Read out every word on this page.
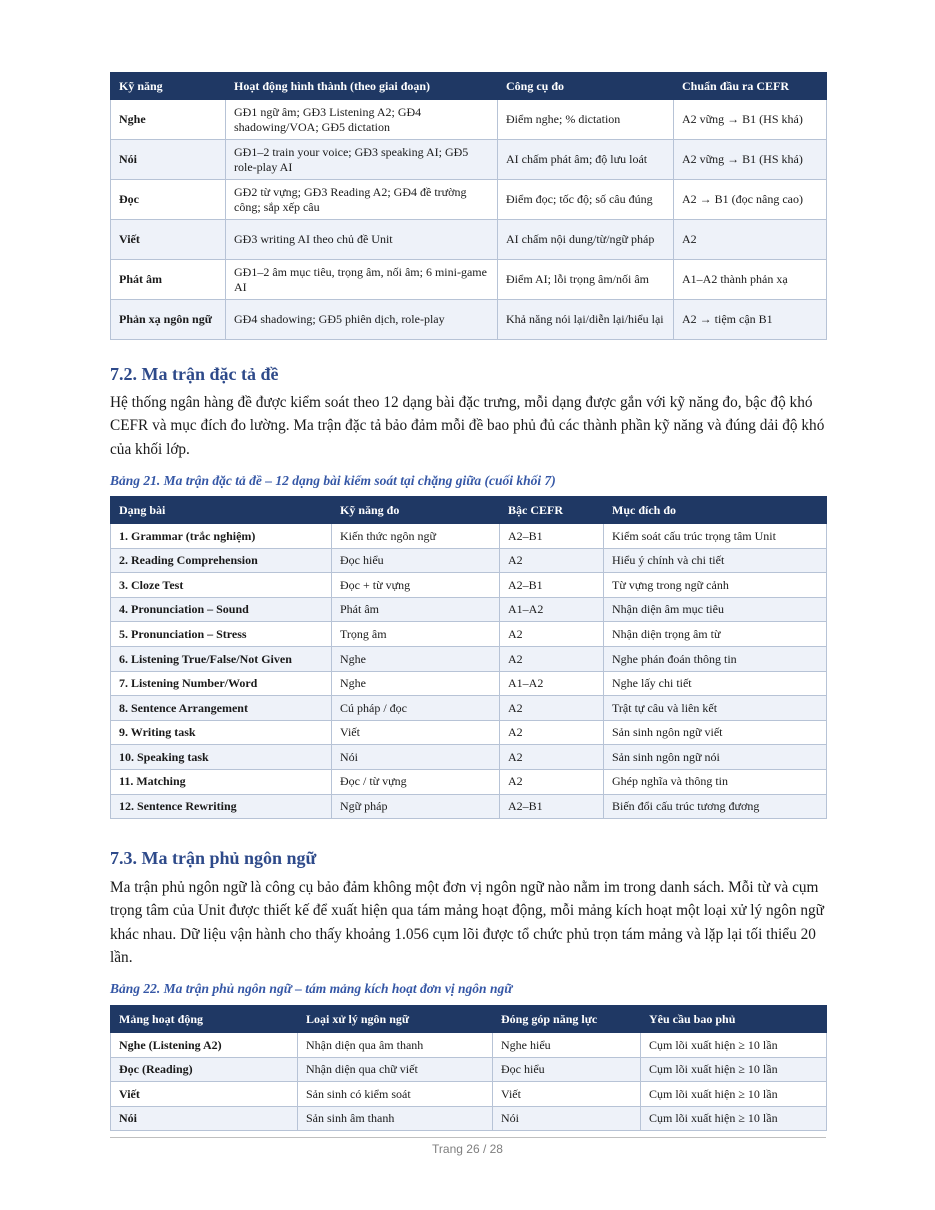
Kỹ năng	Hoạt động hình thành (theo giai đoạn)	Công cụ đo	Chuẩn đầu ra CEFR
Nghe	GĐ1 ngữ âm; GĐ3 Listening A2; GĐ4 shadowing/VOA; GĐ5 dictation	Điểm nghe; % dictation	A2 vững → B1 (HS khá)
Nói	GĐ1–2 train your voice; GĐ3 speaking AI; GĐ5 role-play AI	AI chấm phát âm; độ lưu loát	A2 vững → B1 (HS khá)
Đọc	GĐ2 từ vựng; GĐ3 Reading A2; GĐ4 đề trường công; sắp xếp câu	Điểm đọc; tốc độ; số câu đúng	A2 → B1 (đọc nâng cao)
Viết	GĐ3 writing AI theo chủ đề Unit	AI chấm nội dung/từ/ngữ pháp	A2
Phát âm	GĐ1–2 âm mục tiêu, trọng âm, nối âm; 6 mini-game AI	Điểm AI; lỗi trọng âm/nối âm	A1–A2 thành phản xạ
Phản xạ ngôn ngữ	GĐ4 shadowing; GĐ5 phiên dịch, role-play	Khả năng nói lại/diễn lại/hiểu lại	A2 → tiệm cận B1
7.2. Ma trận đặc tả đề

Hệ thống ngân hàng đề được kiểm soát theo 12 dạng bài đặc trưng, mỗi dạng được gắn với kỹ năng đo, bậc độ khó CEFR và mục đích đo lường. Ma trận đặc tả bảo đảm mỗi đề bao phủ đủ các thành phần kỹ năng và đúng dải độ khó của khối lớp.

Bảng 21. Ma trận đặc tả đề – 12 dạng bài kiểm soát tại chặng giữa (cuối khối 7)

Dạng bài	Kỹ năng đo	Bậc CEFR	Mục đích đo
1. Grammar (trắc nghiệm)	Kiến thức ngôn ngữ	A2–B1	Kiểm soát cấu trúc trọng tâm Unit
2. Reading Comprehension	Đọc hiểu	A2	Hiểu ý chính và chi tiết
3. Cloze Test	Đọc + từ vựng	A2–B1	Từ vựng trong ngữ cảnh
4. Pronunciation – Sound	Phát âm	A1–A2	Nhận diện âm mục tiêu
5. Pronunciation – Stress	Trọng âm	A2	Nhận diện trọng âm từ
6. Listening True/False/Not Given	Nghe	A2	Nghe phán đoán thông tin
7. Listening Number/Word	Nghe	A1–A2	Nghe lấy chi tiết
8. Sentence Arrangement	Cú pháp / đọc	A2	Trật tự câu và liên kết
9. Writing task	Viết	A2	Sản sinh ngôn ngữ viết
10. Speaking task	Nói	A2	Sản sinh ngôn ngữ nói
11. Matching	Đọc / từ vựng	A2	Ghép nghĩa và thông tin
12. Sentence Rewriting	Ngữ pháp	A2–B1	Biến đổi cấu trúc tương đương
7.3. Ma trận phủ ngôn ngữ

Ma trận phủ ngôn ngữ là công cụ bảo đảm không một đơn vị ngôn ngữ nào nằm im trong danh sách. Mỗi từ và cụm trọng tâm của Unit được thiết kế để xuất hiện qua tám mảng hoạt động, mỗi mảng kích hoạt một loại xử lý ngôn ngữ khác nhau. Dữ liệu vận hành cho thấy khoảng 1.056 cụm lõi được tổ chức phủ trọn tám mảng và lặp lại tối thiểu 20 lần.

Bảng 22. Ma trận phủ ngôn ngữ – tám mảng kích hoạt đơn vị ngôn ngữ

Mảng hoạt động	Loại xử lý ngôn ngữ	Đóng góp năng lực	Yêu cầu bao phủ
Nghe (Listening A2)	Nhận diện qua âm thanh	Nghe hiểu	Cụm lõi xuất hiện ≥ 10 lần
Đọc (Reading)	Nhận diện qua chữ viết	Đọc hiểu	Cụm lõi xuất hiện ≥ 10 lần
Viết	Sản sinh có kiểm soát	Viết	Cụm lõi xuất hiện ≥ 10 lần
Nói	Sản sinh âm thanh	Nói	Cụm lõi xuất hiện ≥ 10 lần
Trang 26 / 28
